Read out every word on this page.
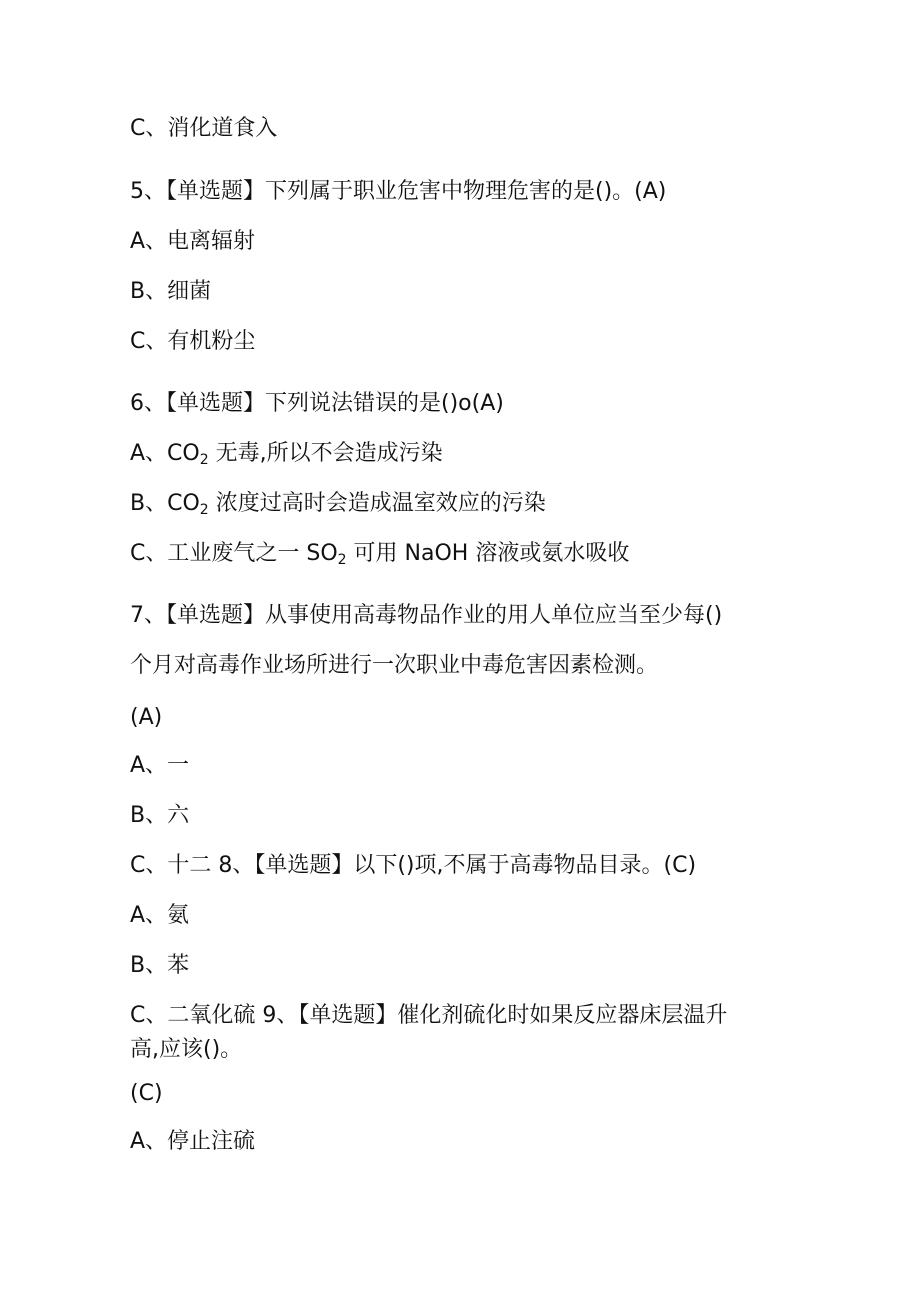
C、消化道食入
5、【单选题】下列属于职业危害中物理危害的是()。(A)
A、电离辐射
B、细菌
C、有机粉尘
6、【单选题】下列说法错误的是()o(A)
A、$CO_2$ 无毒,所以不会造成污染
B、$CO_2$ 浓度过高时会造成温室效应的污染
C、工业废气之一 $SO_2$ 可用 NaOH 溶液或氨水吸收
7、【单选题】从事使用高毒物品作业的用人单位应当至少每()
个月对高毒作业场所进行一次职业中毒危害因素检测。
(A)
A、一
B、六
C、十二 8、【单选题】以下()项,不属于高毒物品目录。(C)
A、氨
B、苯
C、二氧化硫 9、【单选题】催化剂硫化时如果反应器床层温升
高,应该()。
(C)
A、停止注硫
